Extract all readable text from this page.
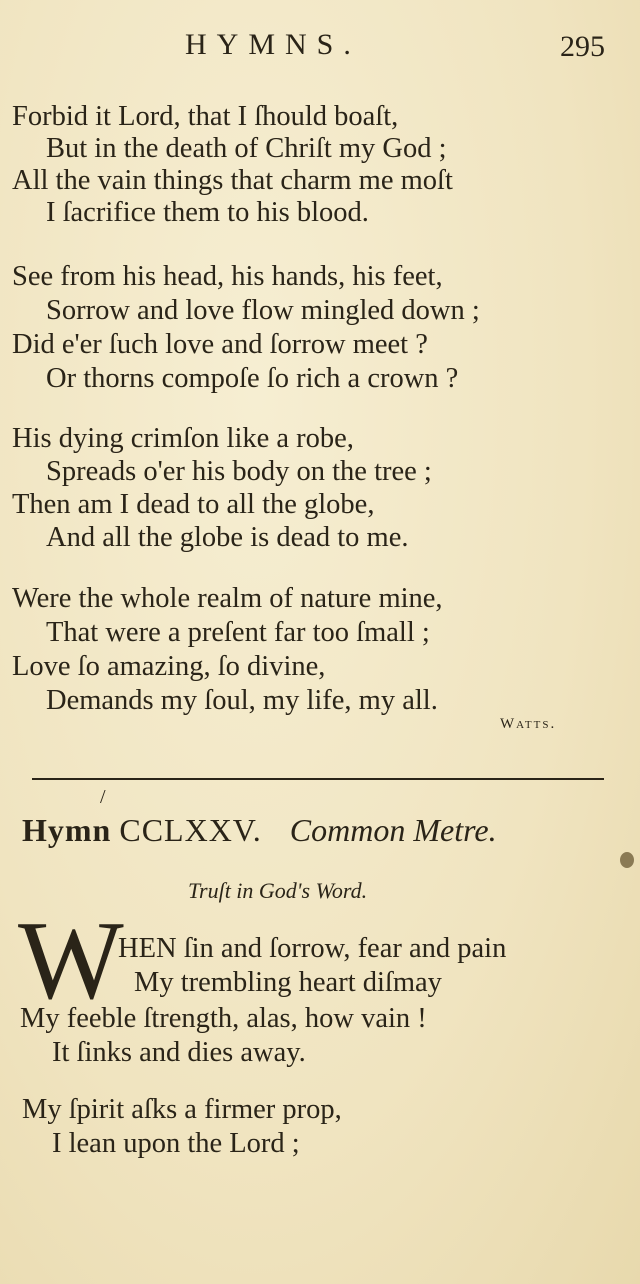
HYMNS.	295
Forbid it Lord, that I ſhould boaſt,
But in the death of Chriſt my God ;
All the vain things that charm me moſt
I ſacrifice them to his blood.
See from his head, his hands, his feet,
Sorrow and love flow mingled down ;
Did e'er ſuch love and ſorrow meet ?
Or thorns compoſe ſo rich a crown ?
His dying crimſon like a robe,
Spreads o'er his body on the tree ;
Then am I dead to all the globe,
And all the globe is dead to me.
Were the whole realm of nature mine,
That were a preſent far too ſmall ;
Love ſo amazing, ſo divine,
Demands my ſoul, my life, my all.
Watts.
/
Hymn CCLXXV. Common Metre.
Truſt in God's Word.
W
HEN ſin and ſorrow, fear and pain
My trembling heart diſmay
My feeble ſtrength, alas, how vain !
It ſinks and dies away.
My ſpirit aſks a firmer prop,
I lean upon the Lord ;
